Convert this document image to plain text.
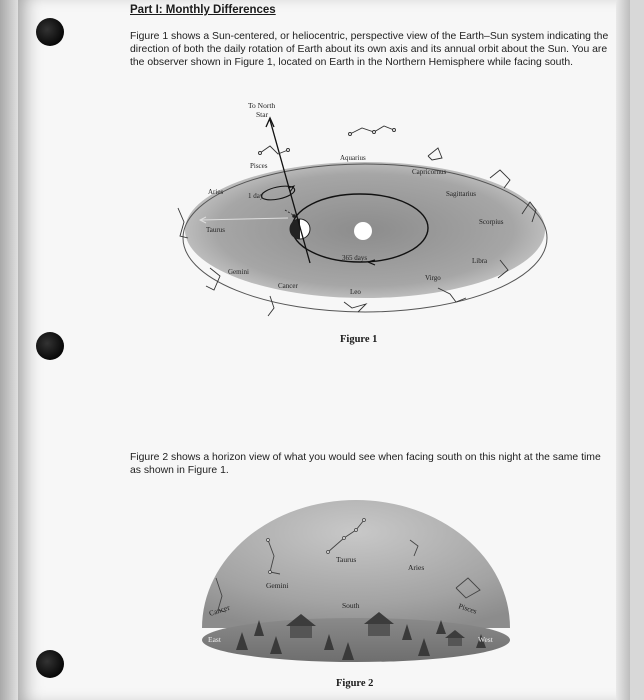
Part I: Monthly Differences
Figure 1 shows a Sun-centered, or heliocentric, perspective view of the Earth–Sun system indicating the direction of both the daily rotation of Earth about its own axis and its annual orbit about the Sun. You are the observer shown in Figure 1, located on Earth in the Northern Hemisphere while facing south.
To North
Star
1 day
365 days
Aquarius
Capricornus
Sagittarius
Scorpius
Libra
Virgo
Leo
Cancer
Gemini
Taurus
Aries
Pisces
Figure 1
Figure 2 shows a horizon view of what you would see when facing south on this night at the same time as shown in Figure 1.
Taurus
Aries
Gemini
Pisces
Cancer	South
East	West
Figure 2
